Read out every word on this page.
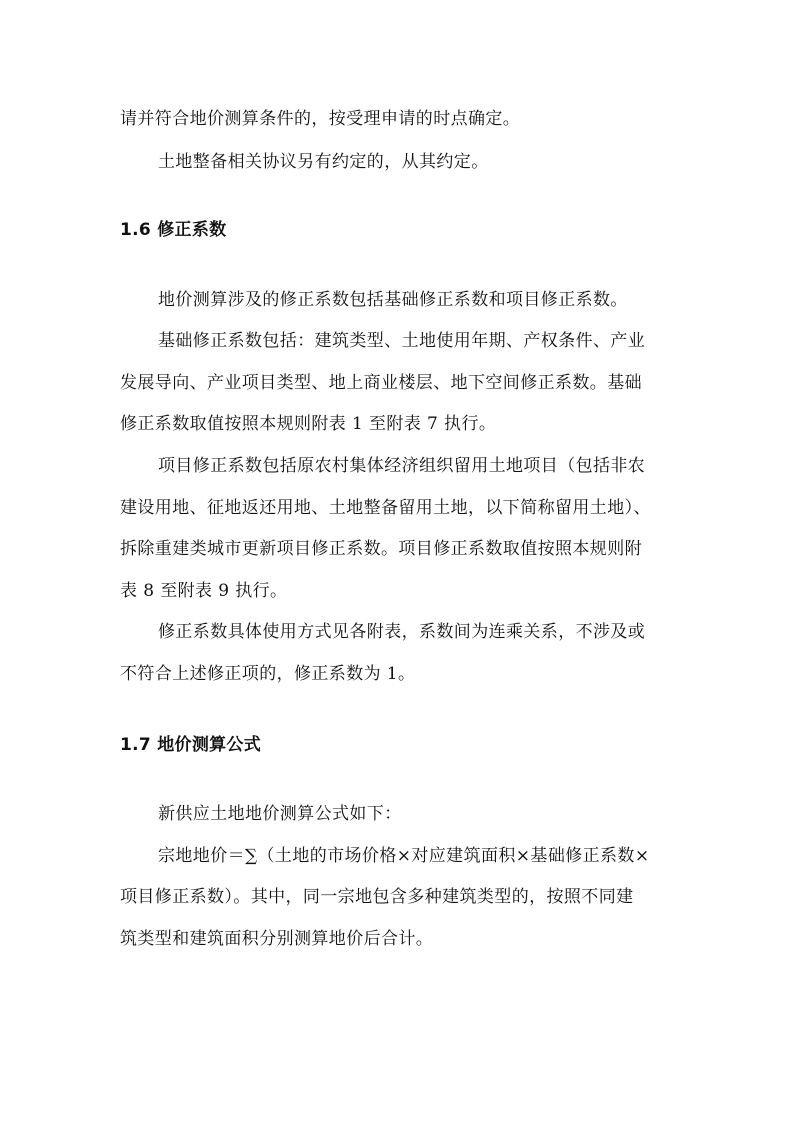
请并符合地价测算条件的，按受理申请的时点确定。
土地整备相关协议另有约定的，从其约定。
1.6 修正系数
地价测算涉及的修正系数包括基础修正系数和项目修正系数。
基础修正系数包括：建筑类型、土地使用年期、产权条件、产业
发展导向、产业项目类型、地上商业楼层、地下空间修正系数。基础
修正系数取值按照本规则附表 1 至附表 7 执行。
项目修正系数包括原农村集体经济组织留用土地项目（包括非农
建设用地、征地返还用地、土地整备留用土地，以下简称留用土地）、
拆除重建类城市更新项目修正系数。项目修正系数取值按照本规则附
表 8 至附表 9 执行。
修正系数具体使用方式见各附表，系数间为连乘关系，不涉及或
不符合上述修正项的，修正系数为 1。
1.7 地价测算公式
新供应土地地价测算公式如下：
宗地地价＝∑（土地的市场价格×对应建筑面积×基础修正系数×
项目修正系数）。其中，同一宗地包含多种建筑类型的，按照不同建
筑类型和建筑面积分别测算地价后合计。
